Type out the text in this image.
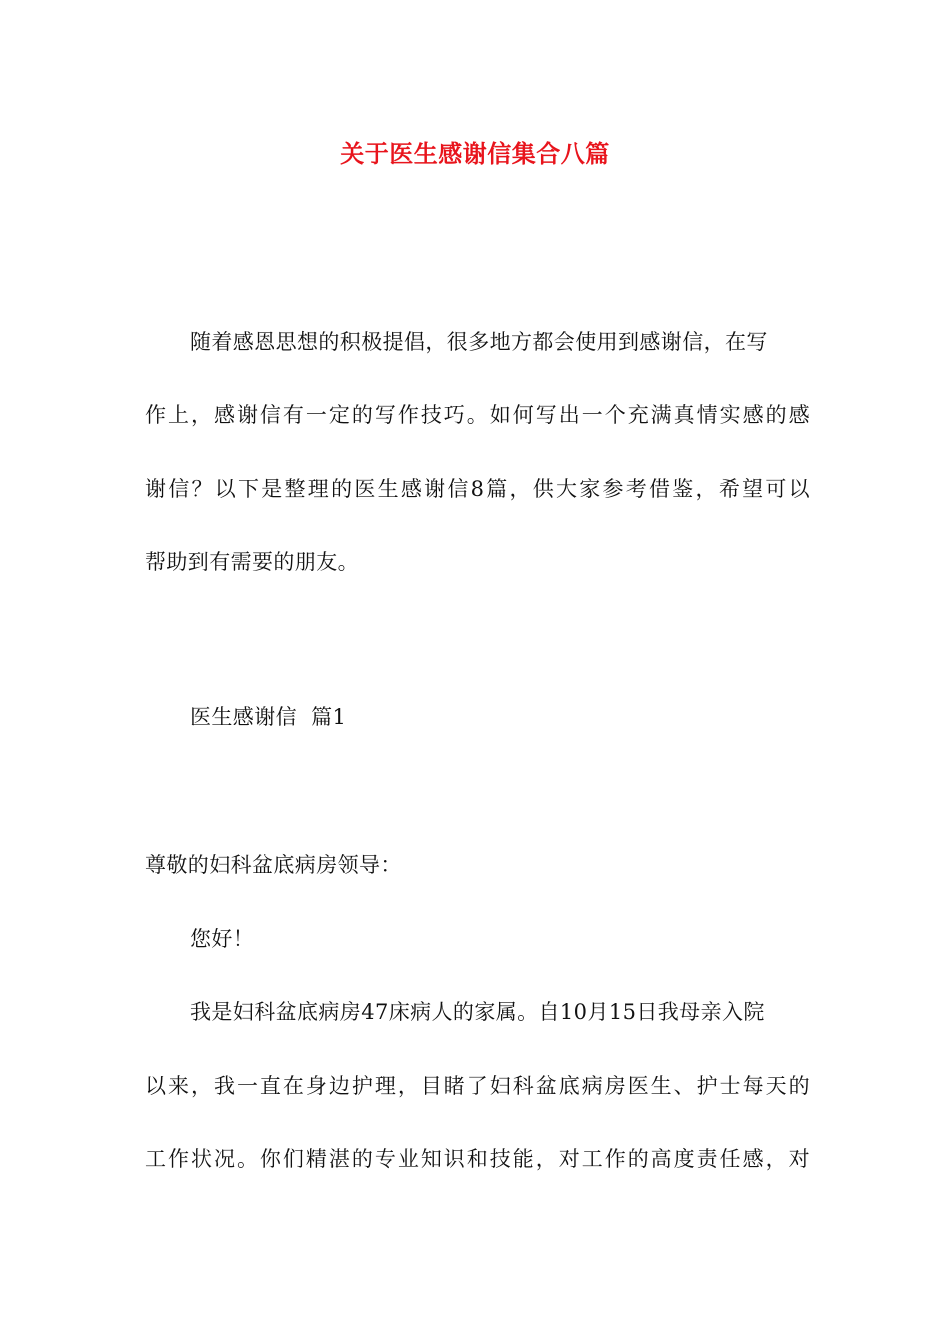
关于医生感谢信集合八篇
随着感恩思想的积极提倡，很多地方都会使用到感谢信，在写
作上，感谢信有一定的写作技巧。如何写出一个充满真情实感的感
谢信？以下是整理的医生感谢信8篇，供大家参考借鉴，希望可以
帮助到有需要的朋友。
医生感谢信  篇1
尊敬的妇科盆底病房领导：
您好！
我是妇科盆底病房47床病人的家属。自10月15日我母亲入院
以来，我一直在身边护理，目睹了妇科盆底病房医生、护士每天的
工作状况。你们精湛的专业知识和技能，对工作的高度责任感，对
